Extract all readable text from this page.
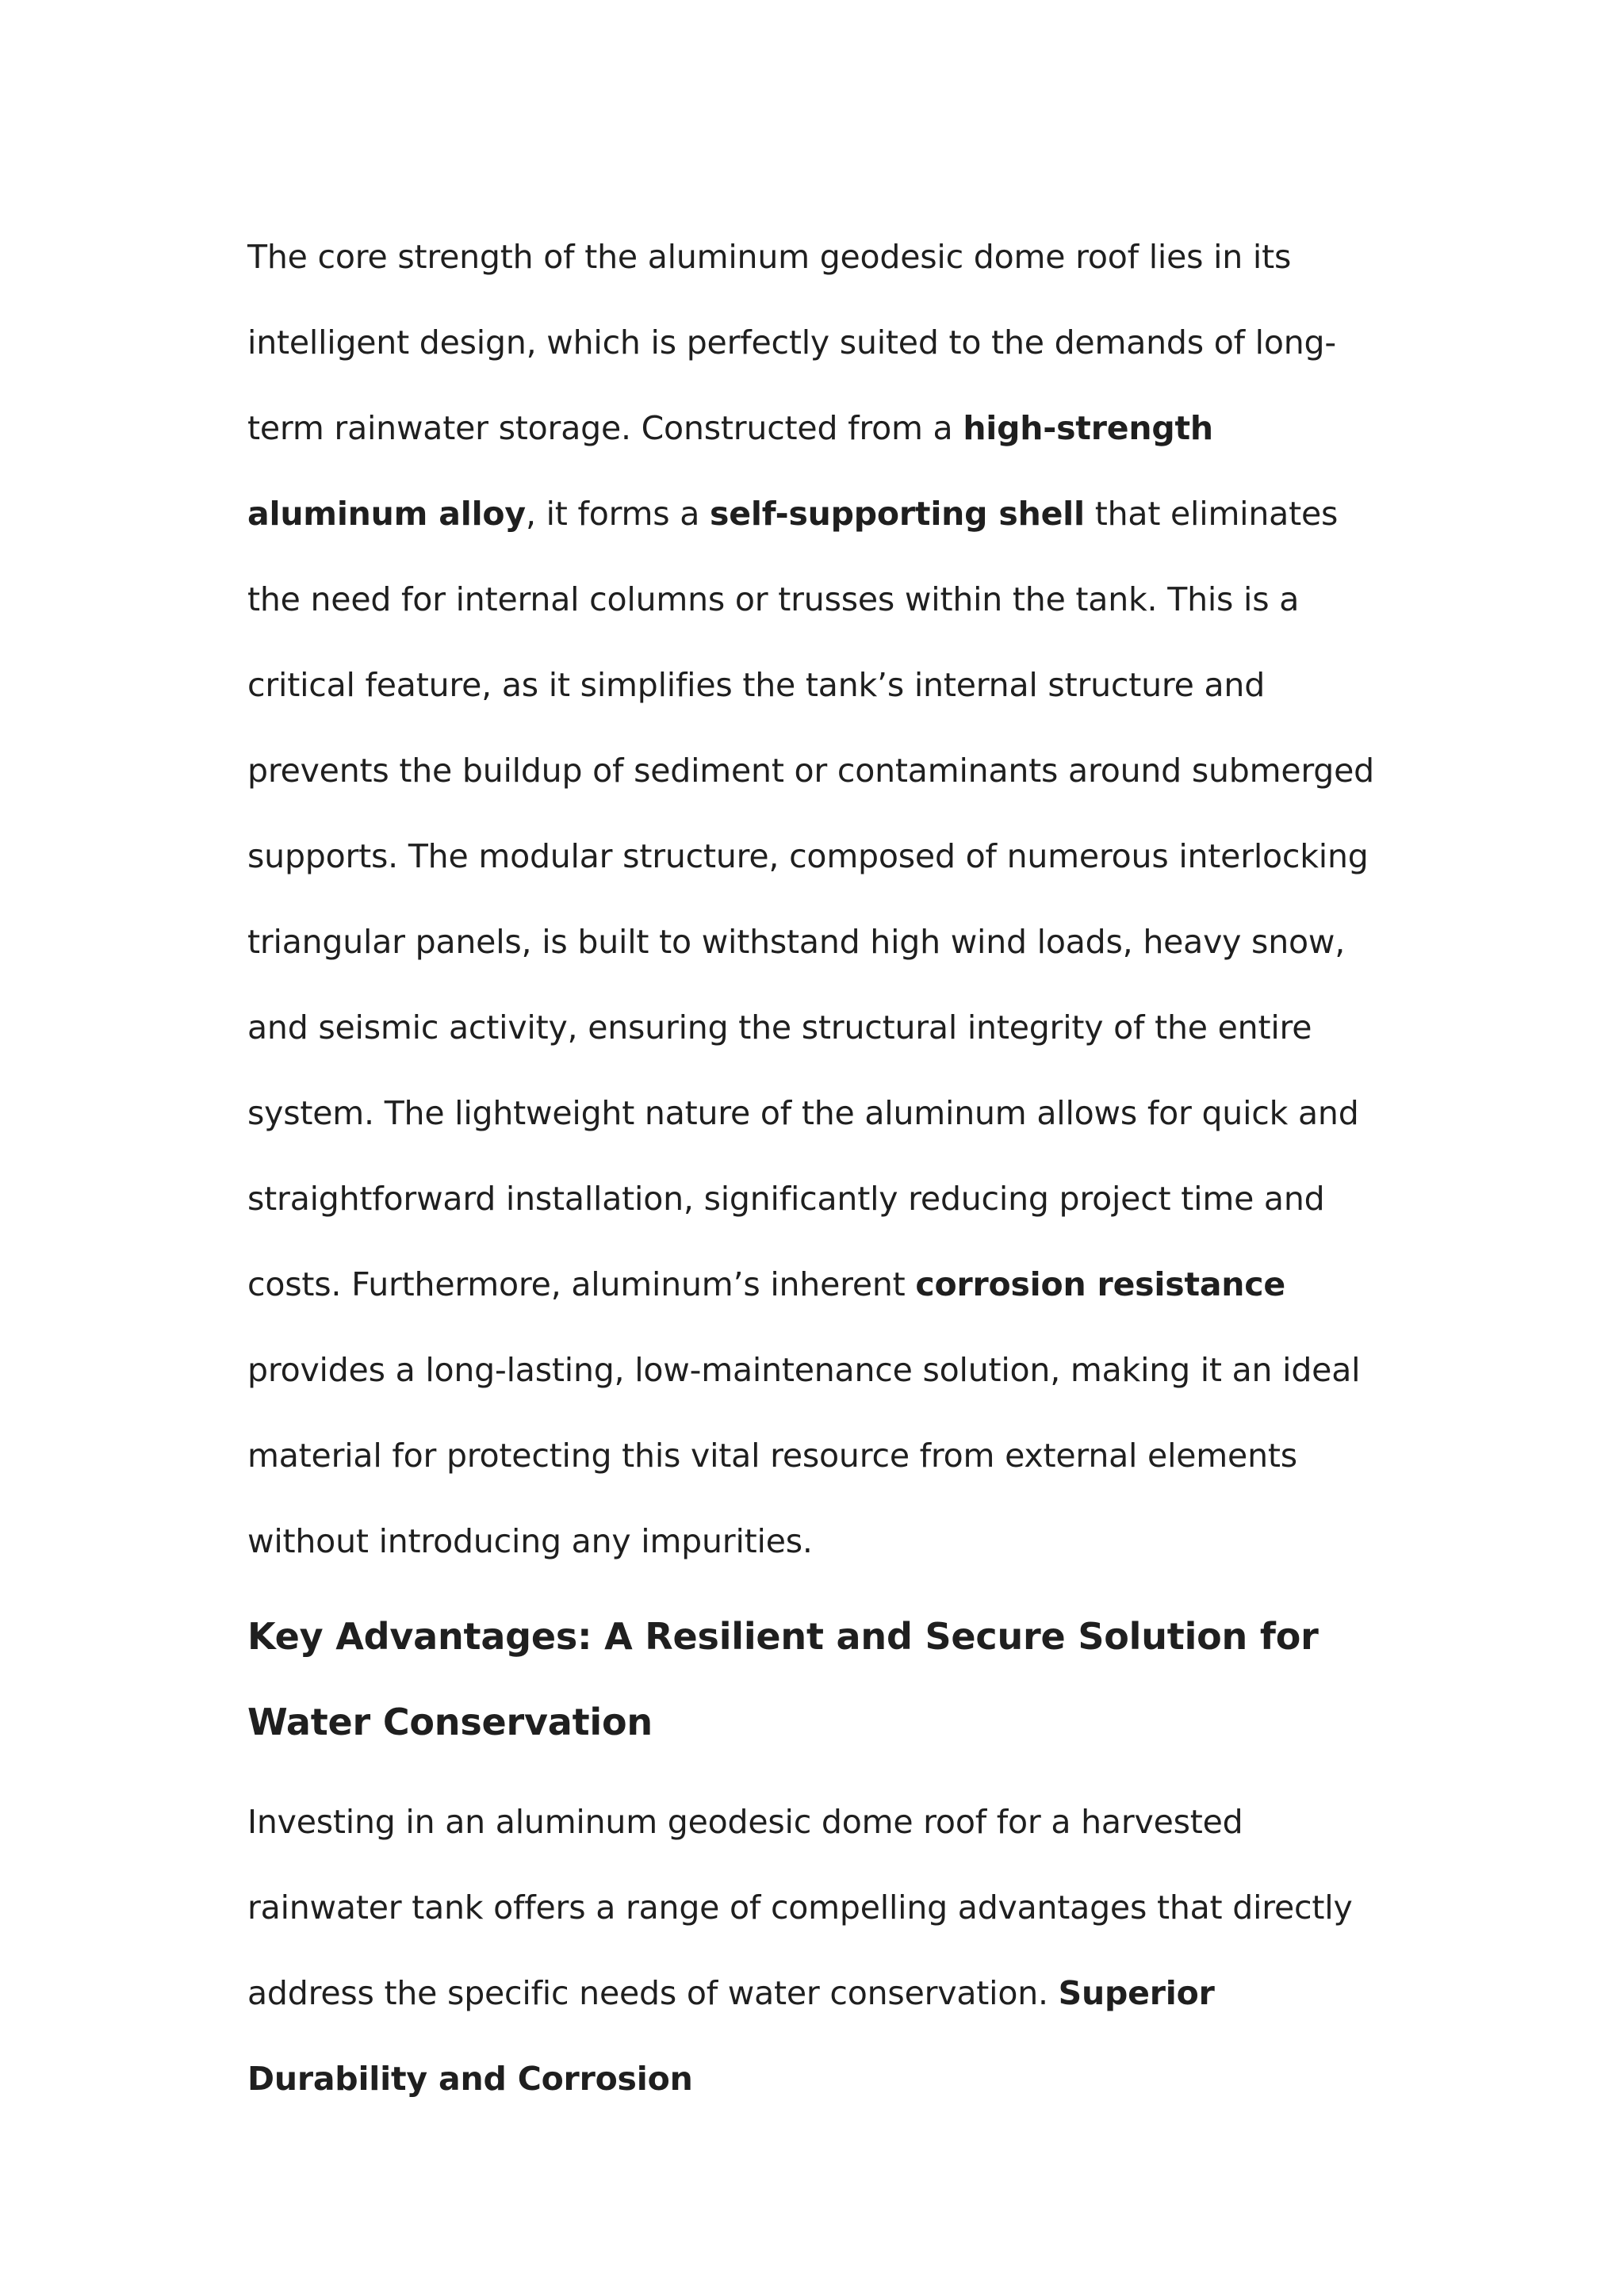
The core strength of the aluminum geodesic dome roof lies in its intelligent design, which is perfectly suited to the demands of long-term rainwater storage. Constructed from a high-strength aluminum alloy, it forms a self-supporting shell that eliminates the need for internal columns or trusses within the tank. This is a critical feature, as it simplifies the tank’s internal structure and prevents the buildup of sediment or contaminants around submerged supports. The modular structure, composed of numerous interlocking triangular panels, is built to withstand high wind loads, heavy snow, and seismic activity, ensuring the structural integrity of the entire system. The lightweight nature of the aluminum allows for quick and straightforward installation, significantly reducing project time and costs. Furthermore, aluminum’s inherent corrosion resistance provides a long-lasting, low-maintenance solution, making it an ideal material for protecting this vital resource from external elements without introducing any impurities.

Key Advantages: A Resilient and Secure Solution for Water Conservation

Investing in an aluminum geodesic dome roof for a harvested rainwater tank offers a range of compelling advantages that directly address the specific needs of water conservation. Superior Durability and Corrosion
